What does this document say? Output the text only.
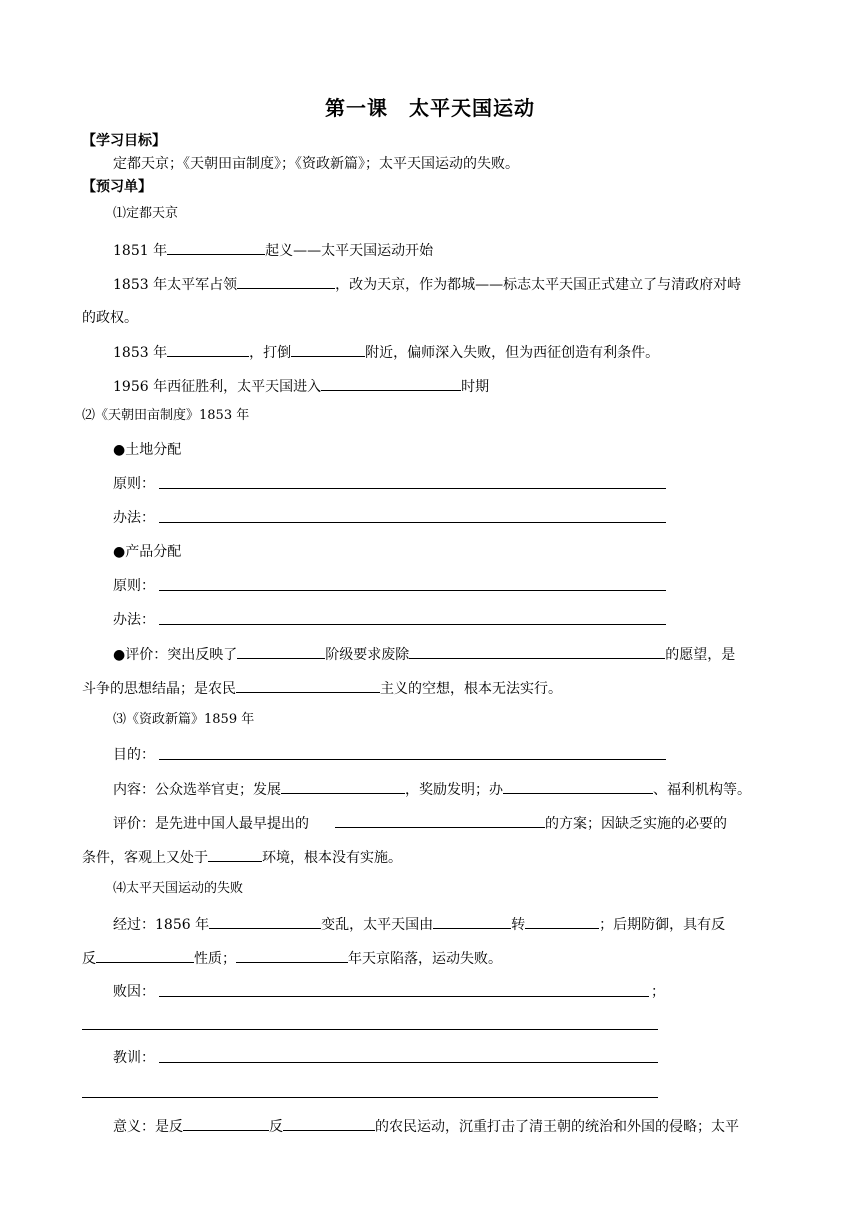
第一课　太平天国运动
【学习目标】
定都天京；《天朝田亩制度》；《资政新篇》；太平天国运动的失败。
【预习单】
⑴定都天京
1851 年	起义——太平天国运动开始
1853 年太平军占领	，改为天京，作为都城——标志太平天国正式建立了与清政府对峙
的政权。
1853 年	，打倒	附近，偏师深入失败，但为西征创造有利条件。
1956 年西征胜利，太平天国进入	时期
⑵《天朝田亩制度》1853 年
●土地分配
原则：
办法：
●产品分配
原则：
办法：
●评价：突出反映了	阶级要求废除	的愿望，是
斗争的思想结晶；是农民	主义的空想，根本无法实行。
⑶《资政新篇》1859 年
目的：
内容：公众选举官吏；发展	，奖励发明；办	、福利机构等。
评价：是先进中国人最早提出的	的方案；因缺乏实施的必要的
条件，客观上又处于	环境，根本没有实施。
⑷太平天国运动的失败
经过：1856 年	变乱，太平天国由	转	；后期防御，具有反
反	性质；	年天京陷落，运动失败。
败因：	；
教训：
意义：是反	反	的农民运动，沉重打击了清王朝的统治和外国的侵略；太平
